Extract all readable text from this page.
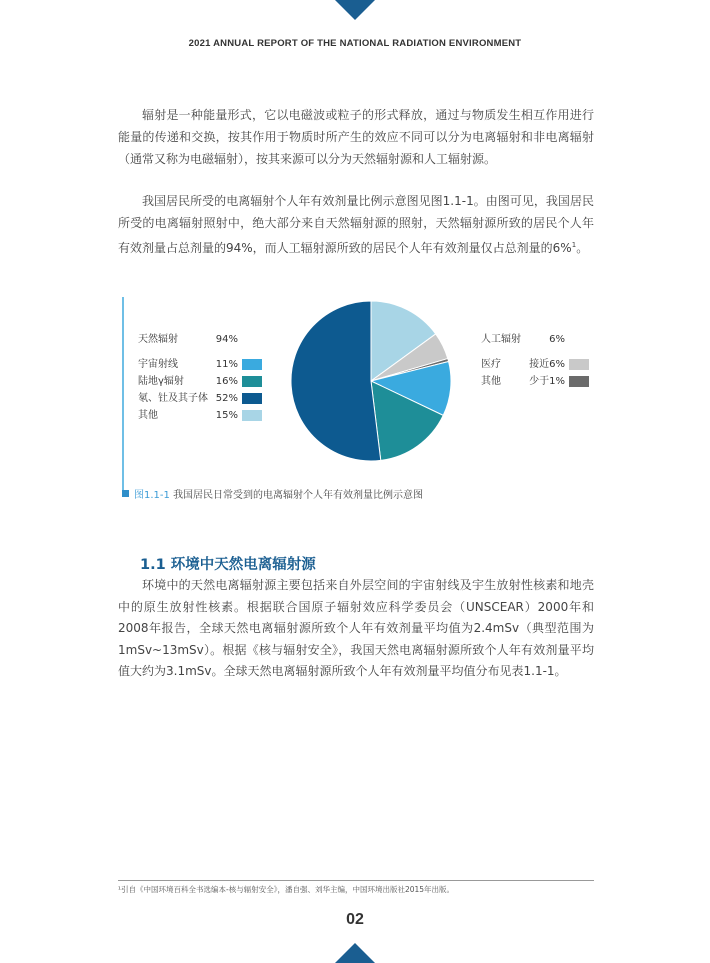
2021 ANNUAL REPORT OF THE NATIONAL RADIATION ENVIRONMENT

辐射是一种能量形式，它以电磁波或粒子的形式释放，通过与物质发生相互作用进行能量的传递和交换，按其作用于物质时所产生的效应不同可以分为电离辐射和非电离辐射（通常又称为电磁辐射），按其来源可以分为天然辐射源和人工辐射源。

我国居民所受的电离辐射个人年有效剂量比例示意图见图1.1-1。由图可见，我国居民所受的电离辐射照射中，绝大部分来自天然辐射源的照射，天然辐射源所致的居民个人年有效剂量占总剂量的94%，而人工辐射源所致的居民个人年有效剂量仅占总剂量的6%$^1$。

天然辐射	94%
宇宙射线	11%
陆地γ辐射	16%
氡、钍及其子体 52%
其他	15%
人工辐射	6%
医疗	接近6%
其他	少于1%
图1.1-1 我国居民日常受到的电离辐射个人年有效剂量比例示意图
1.1 环境中天然电离辐射源

环境中的天然电离辐射源主要包括来自外层空间的宇宙射线及宇生放射性核素和地壳中的原生放射性核素。根据联合国原子辐射效应科学委员会（UNSCEAR）2000年和2008年报告，全球天然电离辐射源所致个人年有效剂量平均值为2.4mSv（典型范围为1mSv~13mSv）。根据《核与辐射安全》，我国天然电离辐射源所致个人年有效剂量平均值大约为3.1mSv。全球天然电离辐射源所致个人年有效剂量平均值分布见表1.1-1。

¹引自《中国环境百科全书选编本-核与辐射安全》，潘自强、刘华主编，中国环境出版社2015年出版。
02
